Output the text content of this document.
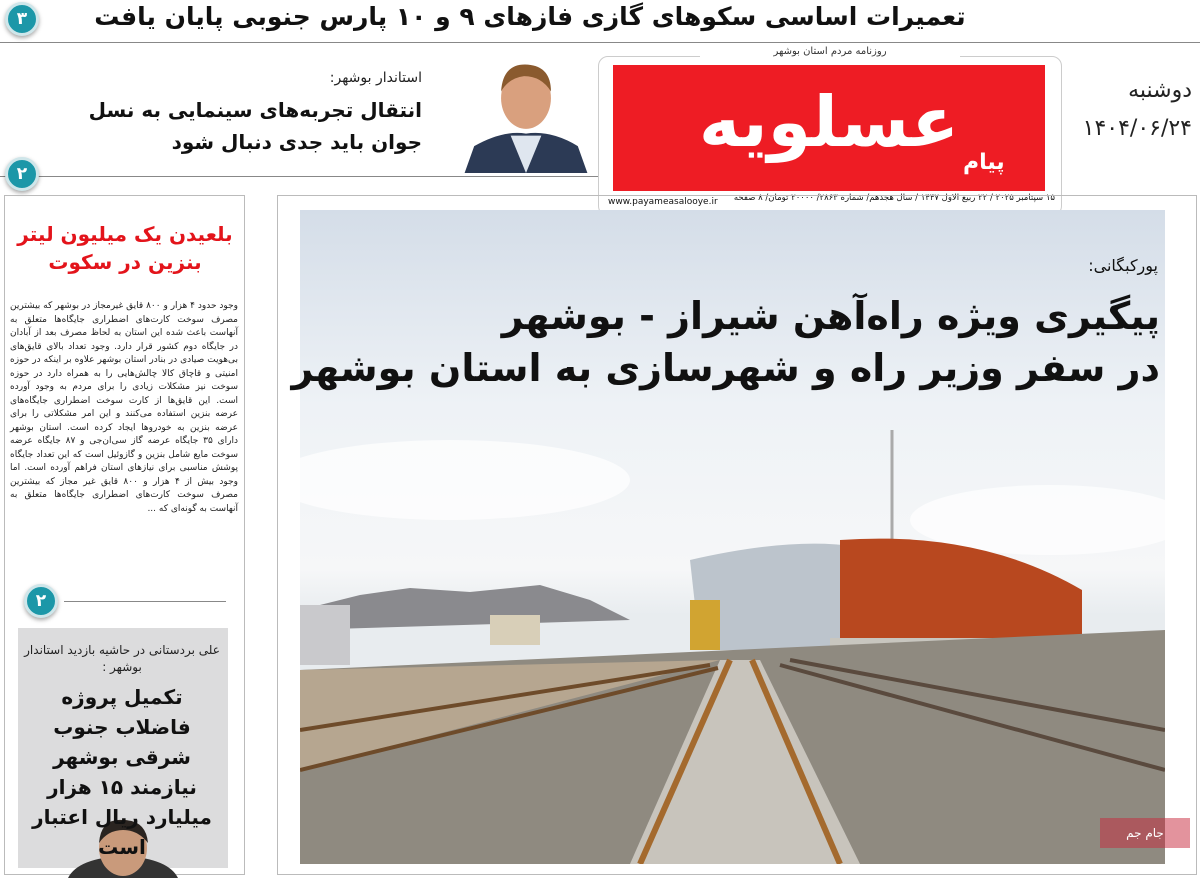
۳	تعمیرات اساسی سکوهای گازی فازهای ۹ و ۱۰ پارس جنوبی پایان یافت
دوشنبه
۱۴۰۴/۰۶/۲۴
روزنامه مردم استان بوشهر
عسلویه پیام
www.payameasalooye.ir	۱۵ سپتامبر ۲۰۲۵ / ۲۲ ربیع الاول ۱۴۴۷ / سال هجدهم/ شماره ۲۸۶۳/ ۲۰۰۰۰ تومان/ ۸ صفحه
استاندار بوشهر:
انتقال تجربه‌های سینمایی به نسل جوان باید جدی دنبال شود
۲
بلعیدن یک میلیون لیتر بنزین در سکوت
وجود حدود ۴ هزار و ۸۰۰ قایق غیرمجاز در بوشهر که بیشترین مصرف سوخت کارت‌های اضطراری جایگاه‌ها متعلق به آنهاست باعث شده این استان به لحاظ مصرف بعد از آبادان در جایگاه دوم کشور قرار دارد. وجود تعداد بالای قایق‌های بی‌هویت صیادی در بنادر استان بوشهر علاوه بر اینکه در حوزه امنیتی و قاچاق کالا چالش‌هایی را به همراه دارد در حوزه سوخت نیز مشکلات زیادی را برای مردم به وجود آورده است. این قایق‌ها از کارت سوخت اضطراری جایگاه‌های عرضه بنزین استفاده می‌کنند و این امر مشکلاتی را برای عرضه بنزین به خودروها ایجاد کرده است. استان بوشهر دارای ۳۵ جایگاه عرضه گاز سی‌ان‌جی و ۸۷ جایگاه عرضه سوخت مایع شامل بنزین و گازوئیل است که این تعداد جایگاه پوشش مناسبی برای نیازهای استان فراهم آورده است. اما وجود بیش از ۴ هزار و ۸۰۰ قایق غیر مجاز که بیشترین مصرف سوخت کارت‌های اضطراری جایگاه‌ها متعلق به آنهاست به گونه‌ای که ...
۲
علی بردستانی در حاشیه بازدید استاندار بوشهر :
تکمیل پروژه فاضلاب جنوب شرقی بوشهر نیازمند ۱۵ هزار میلیارد ریال اعتبار است
پورکبگانی:
پیگیری ویژه راه‌آهن شیراز - بوشهر
در سفر وزیر راه و شهرسازی به استان بوشهر
جام جم
